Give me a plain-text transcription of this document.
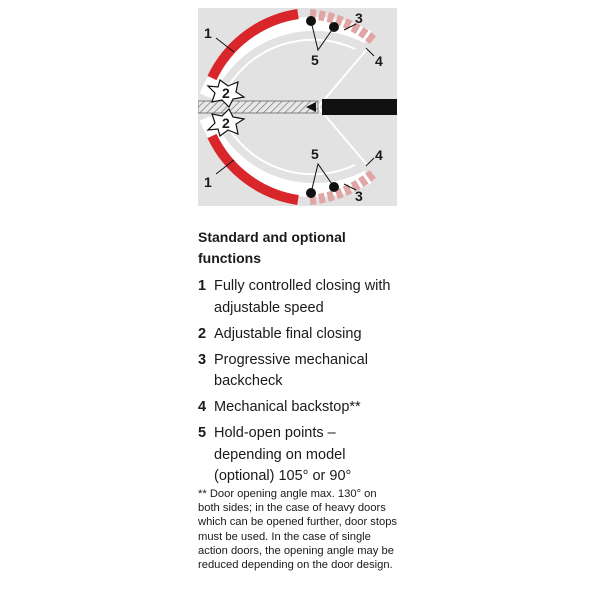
1
1
2
2
3
3
4
4
5
5
Standard and optional functions
1 Fully controlled closing with adjustable speed
2 Adjustable final closing
3 Progressive mechanical backcheck
4 Mechanical backstop**
5 Hold-open points – depending on model (optional) 105° or 90°

** Door opening angle max. 130° on both sides; in the case of heavy doors which can be opened further, door stops must be used. In the case of single action doors, the opening angle may be reduced depending on the door design.
